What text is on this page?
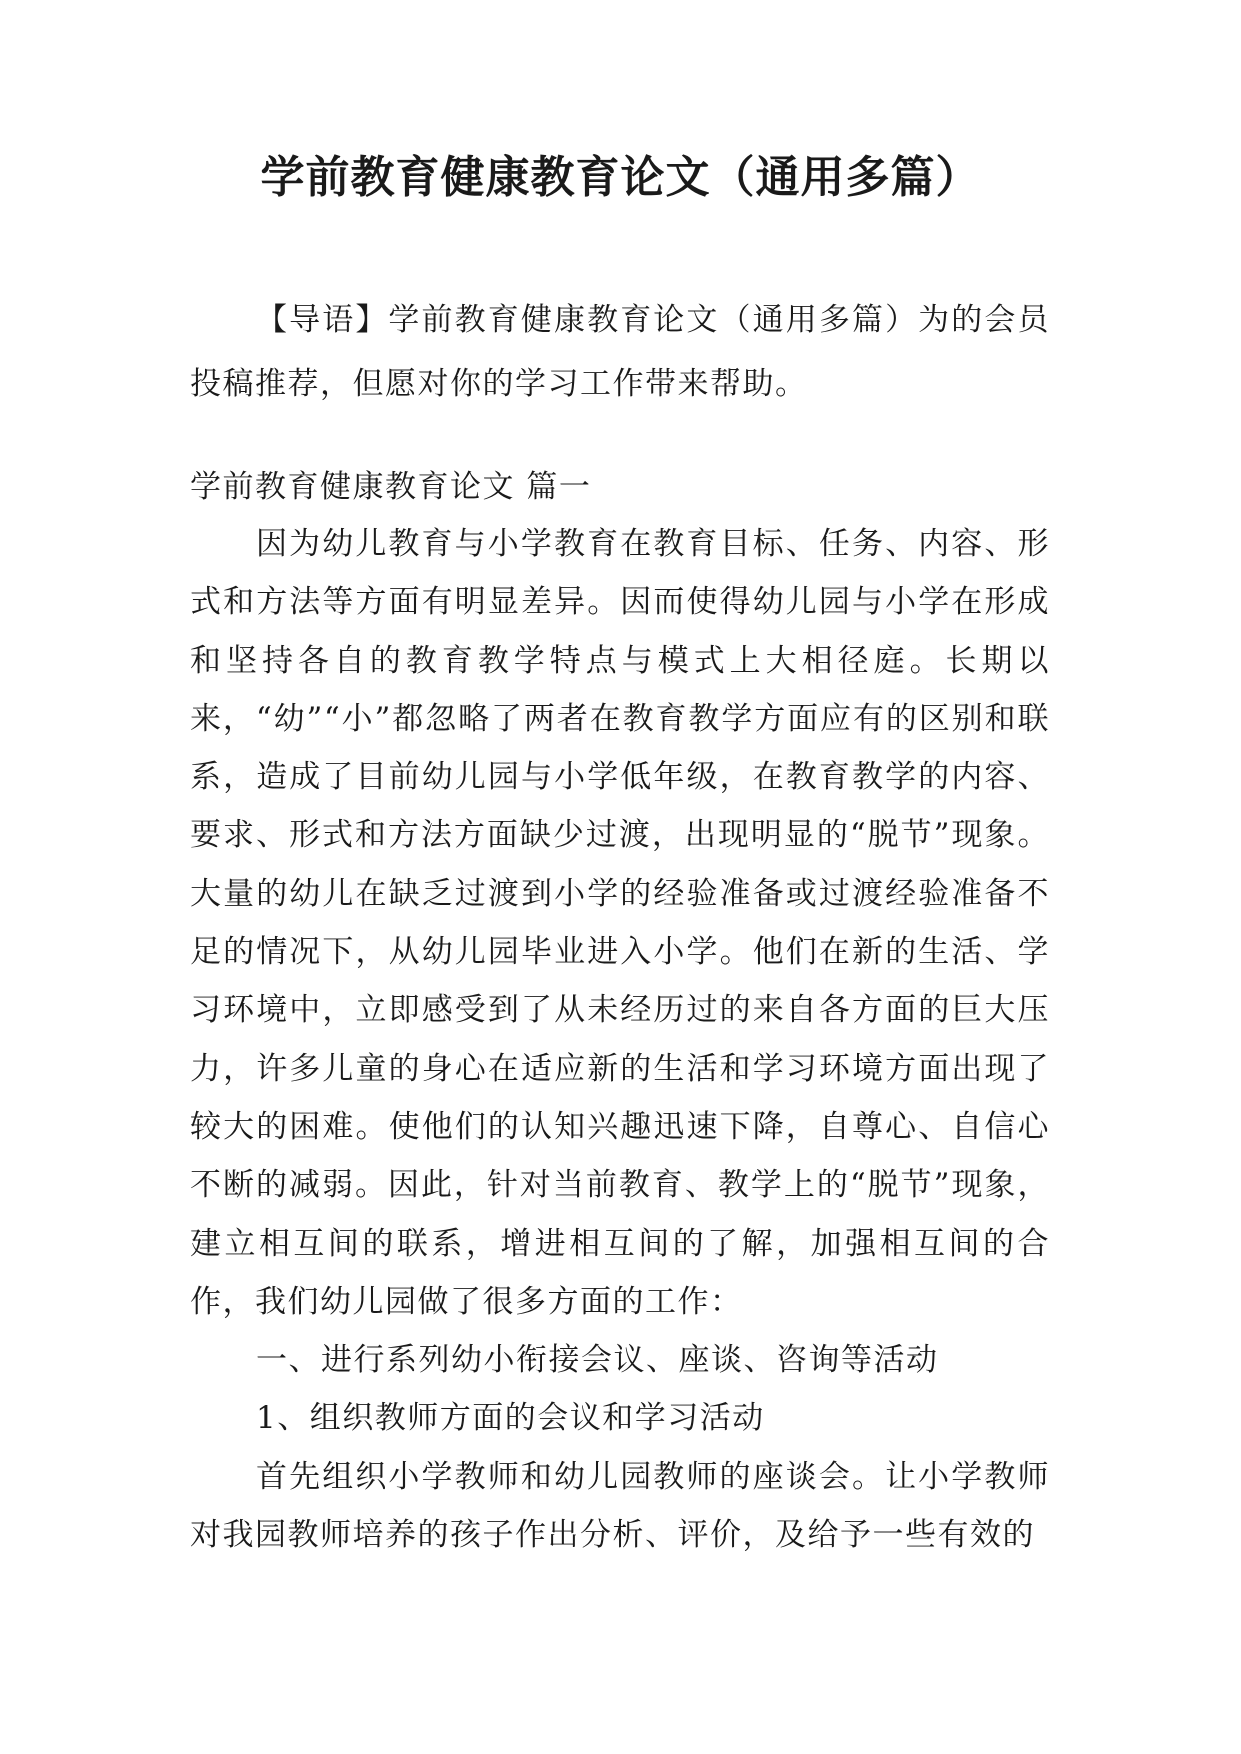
学前教育健康教育论文（通用多篇）

【导语】学前教育健康教育论文（通用多篇）为的会员投稿推荐，但愿对你的学习工作带来帮助。

学前教育健康教育论文 篇一

因为幼儿教育与小学教育在教育目标、任务、内容、形式和方法等方面有明显差异。因而使得幼儿园与小学在形成和坚持各自的教育教学特点与模式上大相径庭。长期以来，“幼”“小”都忽略了两者在教育教学方面应有的区别和联系，造成了目前幼儿园与小学低年级，在教育教学的内容、要求、形式和方法方面缺少过渡，出现明显的“脱节”现象。大量的幼儿在缺乏过渡到小学的经验准备或过渡经验准备不足的情况下，从幼儿园毕业进入小学。他们在新的生活、学习环境中，立即感受到了从未经历过的来自各方面的巨大压力，许多儿童的身心在适应新的生活和学习环境方面出现了较大的困难。使他们的认知兴趣迅速下降，自尊心、自信心不断的减弱。因此，针对当前教育、教学上的“脱节”现象，建立相互间的联系，增进相互间的了解，加强相互间的合作，我们幼儿园做了很多方面的工作：

一、进行系列幼小衔接会议、座谈、咨询等活动

1、组织教师方面的会议和学习活动

首先组织小学教师和幼儿园教师的座谈会。让小学教师对我园教师培养的孩子作出分析、评价，及给予一些有效的
